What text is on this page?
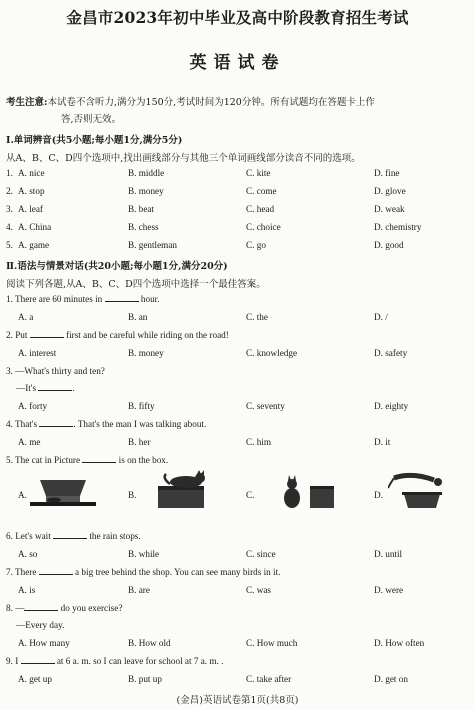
金昌市2023年初中毕业及高中阶段教育招生考试
英语试卷
考生注意:本试卷不含听力,满分为150分,考试时间为120分钟。所有试题均在答题卡上作
答,否则无效。
Ⅰ.单词辨音(共5小题;每小题1分,满分5分)
从A、B、C、D四个选项中,找出画线部分与其他三个单词画线部分读音不同的选项。
1. A. nice	B. middle	C. kite	D. fine
2. A. stop	B. money	C. come	D. glove
3. A. leaf	B. beat	C. head	D. weak
4. A. China	B. chess	C. choice	D. chemistry
5. A. game	B. gentleman	C. go	D. good
Ⅱ.语法与情景对话(共20小题;每小题1分,满分20分)
阅读下列各题,从A、B、C、D四个选项中选择一个最佳答案。
1. There are 60 minutes in	hour.
A. a	B. an	C. the	D. /
2. Put	first and be careful while riding on the road!
A. interest	B. money	C. knowledge	D. safety
3. —What's thirty and ten?
—It's	.
A. forty	B. fifty	C. seventy	D. eighty
4. That's	. That's the man I was talking about.
A. me	B. her	C. him	D. it
5. The cat in Picture	is on the box.
A.	B.	C.	D.
6. Let's wait	the rain stops.
A. so	B. while	C. since	D. until
7. There	a big tree behind the shop. You can see many birds in it.
A. is	B. are	C. was	D. were
8. —	do you exercise?
—Every day.
A. How many	B. How old	C. How much	D. How often
9. I	at 6 a. m. so I can leave for school at 7 a. m. .
A. get up	B. put up	C. take after	D. get on
(金昌)英语试卷第1页(共8页)
